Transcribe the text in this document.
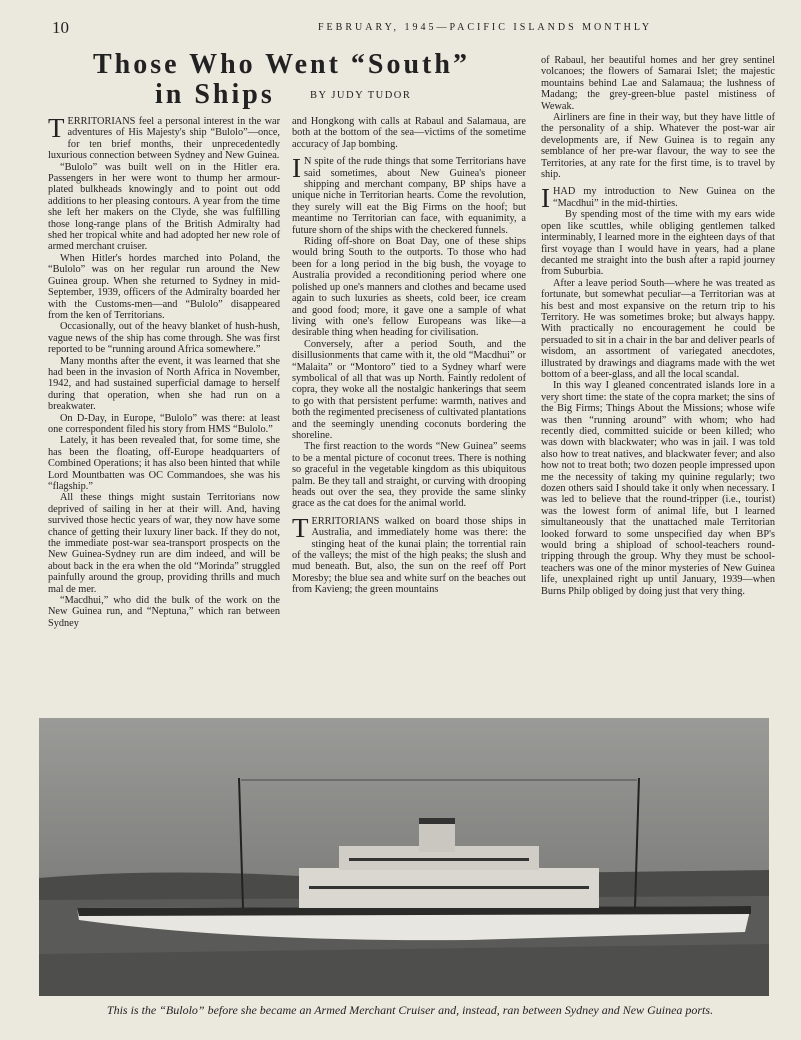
10	FEBRUARY, 1945—PACIFIC ISLANDS MONTHLY
Those Who Went “South”
in Ships	BY JUDY TUDOR

TERRITORIANS feel a personal interest in the war adventures of His Majesty's ship “Bulolo”—once, for ten brief months, their unprecedentedly luxurious connection between Sydney and New Guinea.

“Bulolo” was built well on in the Hitler era. Passengers in her were wont to thump her armour-plated bulkheads knowingly and to point out odd additions to her pleasing contours. A year from the time she left her makers on the Clyde, she was fulfilling those long-range plans of the British Admiralty had shed her tropical white and had adopted her new role of armed merchant cruiser.

When Hitler's hordes marched into Poland, the “Bulolo” was on her regular run around the New Guinea group. When she returned to Sydney in mid-September, 1939, officers of the Admiralty boarded her with the Customs-men—and “Bulolo” disappeared from the ken of Territorians.

Occasionally, out of the heavy blanket of hush-hush, vague news of the ship has come through. She was first reported to be “running around Africa somewhere.”

Many months after the event, it was learned that she had been in the invasion of North Africa in November, 1942, and had sustained superficial damage to herself during that operation, when she had run on a breakwater.

On D-Day, in Europe, “Bulolo” was there: at least one correspondent filed his story from HMS “Bulolo.”

Lately, it has been revealed that, for some time, she has been the floating, off-Europe headquarters of Combined Operations; it has also been hinted that while Lord Mountbatten was OC Commandoes, she was his “flagship.”

All these things might sustain Territorians now deprived of sailing in her at their will. And, having survived those hectic years of war, they now have some chance of getting their luxury liner back. If they do not, the immediate post-war sea-transport prospects on the New Guinea-Sydney run are dim indeed, and will be about back in the era when the old “Morinda” struggled painfully around the group, providing thrills and much mal de mer.

“Macdhui,” who did the bulk of the work on the New Guinea run, and “Neptuna,” which ran between Sydney

and Hongkong with calls at Rabaul and Salamaua, are both at the bottom of the sea—victims of the sometime accuracy of Jap bombing.

I N spite of the rude things that some Territorians have said sometimes, about New Guinea's pioneer shipping and merchant company, BP ships have a unique niche in Territorian hearts. Come the revolution, they surely will eat the Big Firms on the hoof; but meantime no Territorian can face, with equanimity, a future shorn of the ships with the checkered funnels.

Riding off-shore on Boat Day, one of these ships would bring South to the outports. To those who had been for a long period in the big bush, the voyage to Australia provided a reconditioning period where one polished up one's manners and clothes and became used again to such luxuries as sheets, cold beer, ice cream and good food; more, it gave one a sample of what living with one's fellow Europeans was like—a desirable thing when heading for civilisation.

Conversely, after a period South, and the disillusionments that came with it, the old “Macdhui” or “Malaita” or “Montoro” tied to a Sydney wharf were symbolical of all that was up North. Faintly redolent of copra, they woke all the nostalgic hankerings that seem to go with that persistent perfume: warmth, natives and both the regimented preciseness of cultivated plantations and the seemingly unending coconuts bordering the shoreline.

The first reaction to the words “New Guinea” seems to be a mental picture of coconut trees. There is nothing so graceful in the vegetable kingdom as this ubiquitous palm. Be they tall and straight, or curving with drooping heads out over the sea, they provide the same slinky grace as the cat does for the animal world.

TERRITORIANS walked on board those ships in Australia, and immediately home was there: the stinging heat of the kunai plain; the torrential rain of the valleys; the mist of the high peaks; the slush and mud beneath. But, also, the sun on the reef off Port Moresby; the blue sea and white surf on the beaches out from Kavieng; the green mountains

of Rabaul, her beautiful homes and her grey sentinel volcanoes; the flowers of Samarai Islet; the majestic mountains behind Lae and Salamaua; the lushness of Madang; the grey-green-blue pastel mistiness of Wewak.

Airliners are fine in their way, but they have little of the personality of a ship. Whatever the post-war air developments are, if New Guinea is to regain any semblance of her pre-war flavour, the way to see the Territories, at any rate for the first time, is to travel by ship.

IHAD my introduction to New Guinea on the “Macdhui” in the mid-thirties.

By spending most of the time with my ears wide open like scuttles, while obliging gentlemen talked interminably, I learned more in the eighteen days of that first voyage than I would have in years, had a plane decanted me straight into the bush after a rapid journey from Suburbia.

After a leave period South—where he was treated as fortunate, but somewhat peculiar—a Territorian was at his best and most expansive on the return trip to his Territory. He was sometimes broke; but always happy. With practically no encouragement he could be persuaded to sit in a chair in the bar and deliver pearls of wisdom, an assortment of variegated anecdotes, illustrated by drawings and diagrams made with the wet bottom of a beer-glass, and all the local scandal.

In this way I gleaned concentrated islands lore in a very short time: the state of the copra market; the sins of the Big Firms; Things About the Missions; whose wife was then “running around” with whom; who had recently died, committed suicide or been killed; who was down with blackwater; who was in jail. I was told also how to treat natives, and blackwater fever; and also how not to treat both; two dozen people impressed upon me the necessity of taking my quinine regularly; two dozen others said I should take it only when necessary. I was led to believe that the round-tripper (i.e., tourist) was the lowest form of animal life, but I learned simultaneously that the unattached male Territorian looked forward to some unspecified day when BP's would bring a shipload of school-teachers round-tripping through the group. Why they must be school-teachers was one of the minor mysteries of New Guinea life, unexplained right up until January, 1939—when Burns Philp obliged by doing just that very thing.

This is the “Bulolo” before she became an Armed Merchant Cruiser and, instead, ran between Sydney and New Guinea ports.
